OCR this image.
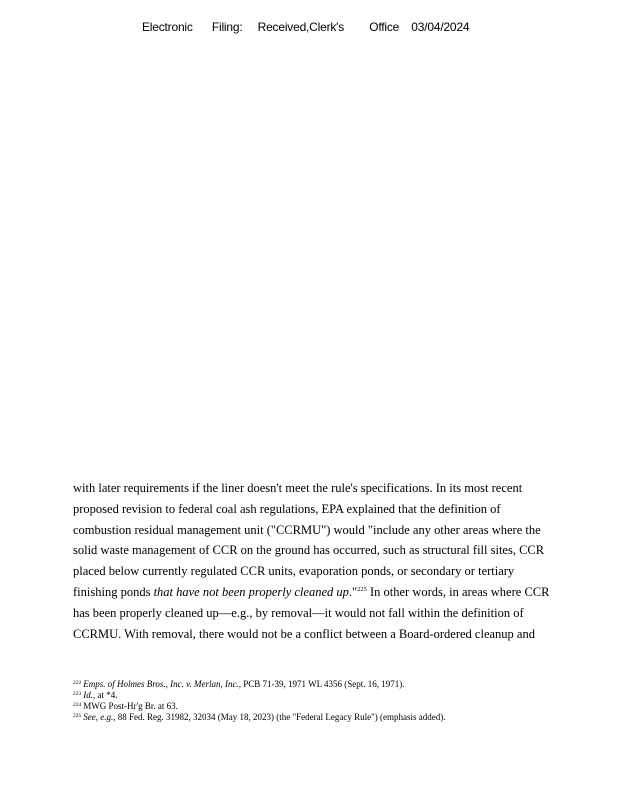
Electronic Filing: Received,Clerk's Office 03/04/2024
with later requirements if the liner doesn't meet the rule's specifications. In its most recent
proposed revision to federal coal ash regulations, EPA explained that the definition of
combustion residual management unit ("CCRMU") would "include any other areas where the
solid waste management of CCR on the ground has occurred, such as structural fill sites, CCR
placed below currently regulated CCR units, evaporation ponds, or secondary or tertiary
finishing ponds that have not been properly cleaned up."$^{225}$ In other words, in areas where CCR
has been properly cleaned up—e.g., by removal—it would not fall within the definition of
CCRMU. With removal, there would not be a conflict between a Board-ordered cleanup and
$^{222}$ Emps. of Holmes Bros., Inc. v. Merlan, Inc., PCB 71-39, 1971 WL 4356 (Sept. 16, 1971).
$^{223}$ Id., at *4.
$^{224}$ MWG Post-Hr'g Br. at 63.
$^{225}$ See, e.g., 88 Fed. Reg. 31982, 32034 (May 18, 2023) (the "Federal Legacy Rule") (emphasis added).
